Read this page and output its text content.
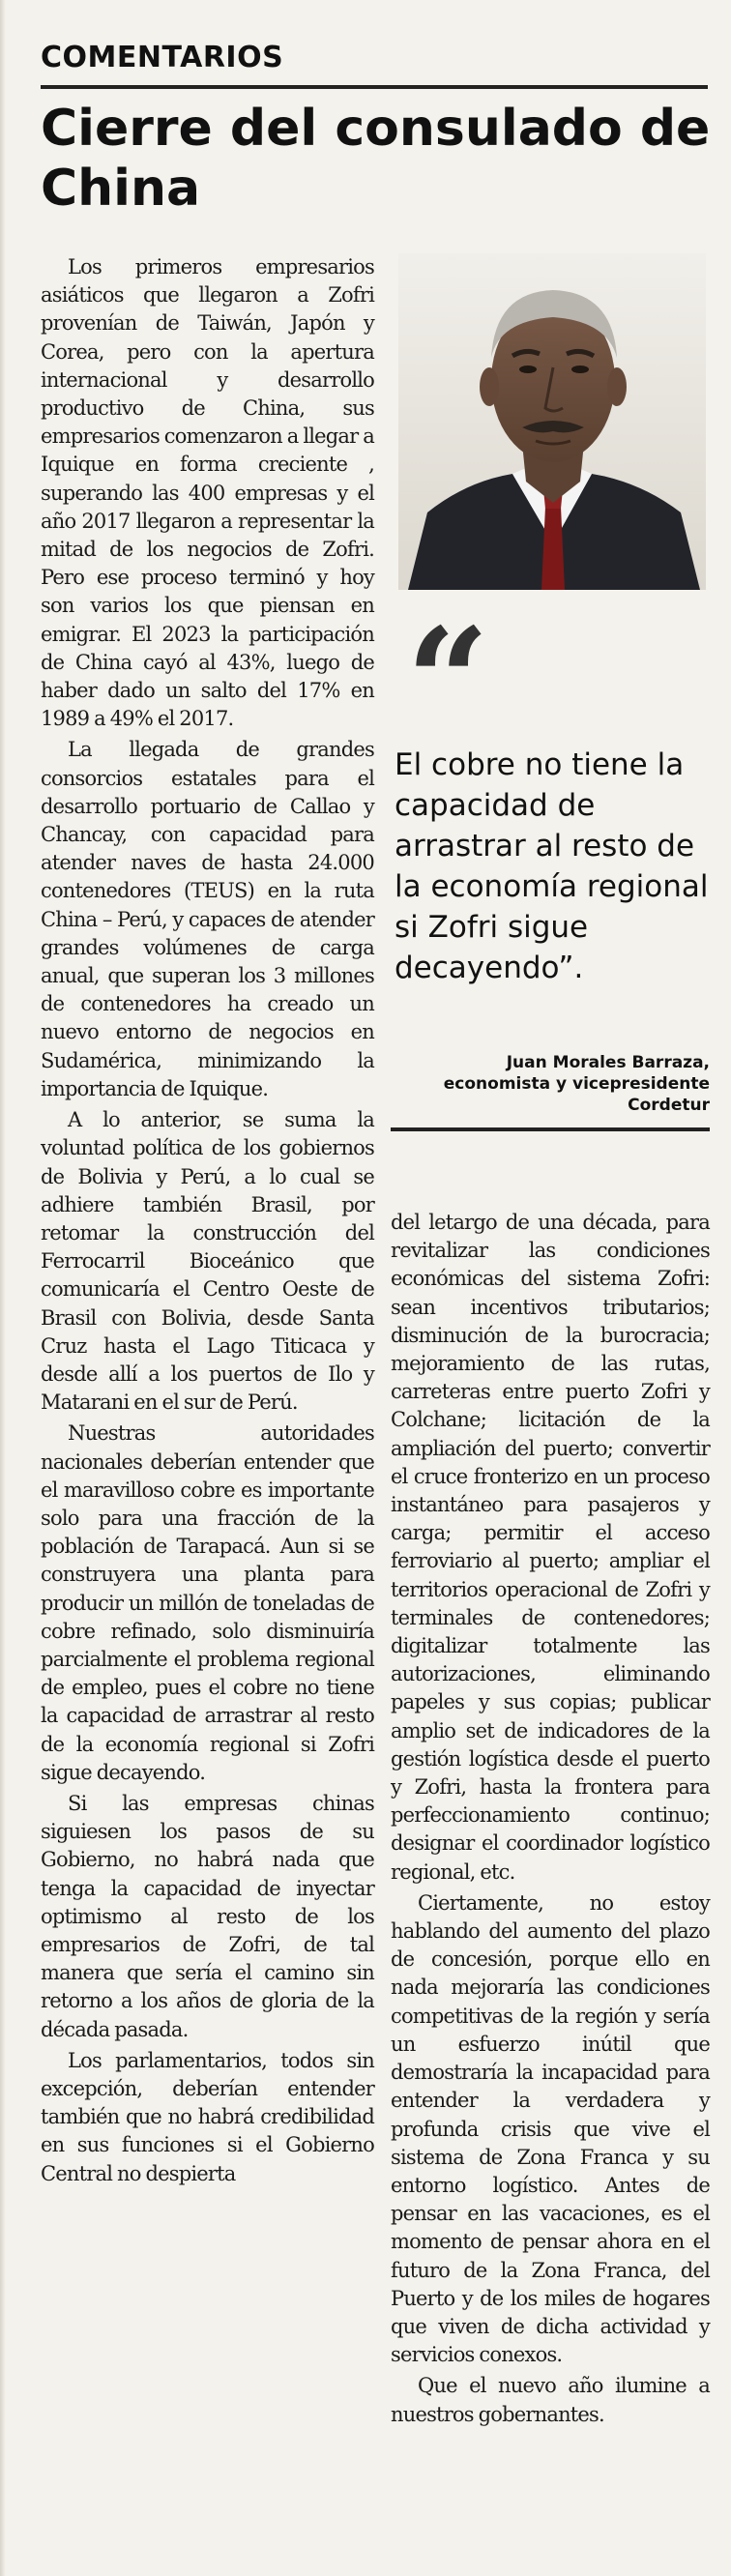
COMENTARIOS
Cierre del consulado de China

Los primeros empresarios asiáticos que llegaron a Zofri provenían de Taiwán, Japón y Corea, pero con la apertura internacional y desarrollo productivo de China, sus empresarios comenzaron a llegar a Iquique en forma creciente , superando las 400 empresas y el año 2017 llegaron a representar la mitad de los negocios de Zofri. Pero ese proceso terminó y hoy son varios los que piensan en emigrar. El 2023 la participación de China cayó al 43%, luego de haber dado un salto del 17% en 1989 a 49% el 2017.

La llegada de grandes consorcios estatales para el desarrollo portuario de Callao y Chancay, con capacidad para atender naves de hasta 24.000 contenedores (TEUS) en la ruta China – Perú, y capaces de atender grandes volúmenes de carga anual, que superan los 3 millones de contenedores ha creado un nuevo entorno de negocios en Sudamérica, minimizando la importancia de Iquique.

A lo anterior, se suma la voluntad política de los gobiernos de Bolivia y Perú, a lo cual se adhiere también Brasil, por retomar la construcción del Ferrocarril Bioceánico que comunicaría el Centro Oeste de Brasil con Bolivia, desde Santa Cruz hasta el Lago Titicaca y desde allí a los puertos de Ilo y Matarani en el sur de Perú.

Nuestras autoridades nacionales deberían entender que el maravilloso cobre es importante solo para una fracción de la población de Tarapacá. Aun si se construyera una planta para producir un millón de toneladas de cobre refinado, solo disminuiría parcialmente el problema regional de empleo, pues el cobre no tiene la capacidad de arrastrar al resto de la economía regional si Zofri sigue decayendo.

Si las empresas chinas siguiesen los pasos de su Gobierno, no habrá nada que tenga la capacidad de inyectar optimismo al resto de los empresarios de Zofri, de tal manera que sería el camino sin retorno a los años de gloria de la década pasada.

Los parlamentarios, todos sin excepción, deberían entender también que no habrá credibilidad en sus funciones si el Gobierno Central no despierta

“
El cobre no tiene la capacidad de arrastrar al resto de la economía regional si Zofri sigue decayendo”.
Juan Morales Barraza,
economista y vicepresidente
Cordetur

del letargo de una década, para revitalizar las condiciones económicas del sistema Zofri: sean incentivos tributarios; disminución de la burocracia; mejoramiento de las rutas, carreteras entre puerto Zofri y Colchane; licitación de la ampliación del puerto; convertir el cruce fronterizo en un proceso instantáneo para pasajeros y carga; permitir el acceso ferroviario al puerto; ampliar el territorios operacional de Zofri y terminales de contenedores; digitalizar totalmente las autorizaciones, eliminando papeles y sus copias; publicar amplio set de indicadores de la gestión logística desde el puerto y Zofri, hasta la frontera para perfeccionamiento continuo; designar el coordinador logístico regional, etc.

Ciertamente, no estoy hablando del aumento del plazo de concesión, porque ello en nada mejoraría las condiciones competitivas de la región y sería un esfuerzo inútil que demostraría la incapacidad para entender la verdadera y profunda crisis que vive el sistema de Zona Franca y su entorno logístico. Antes de pensar en las vacaciones, es el momento de pensar ahora en el futuro de la Zona Franca, del Puerto y de los miles de hogares que viven de dicha actividad y servicios conexos.

Que el nuevo año ilumine a nuestros gobernantes.
